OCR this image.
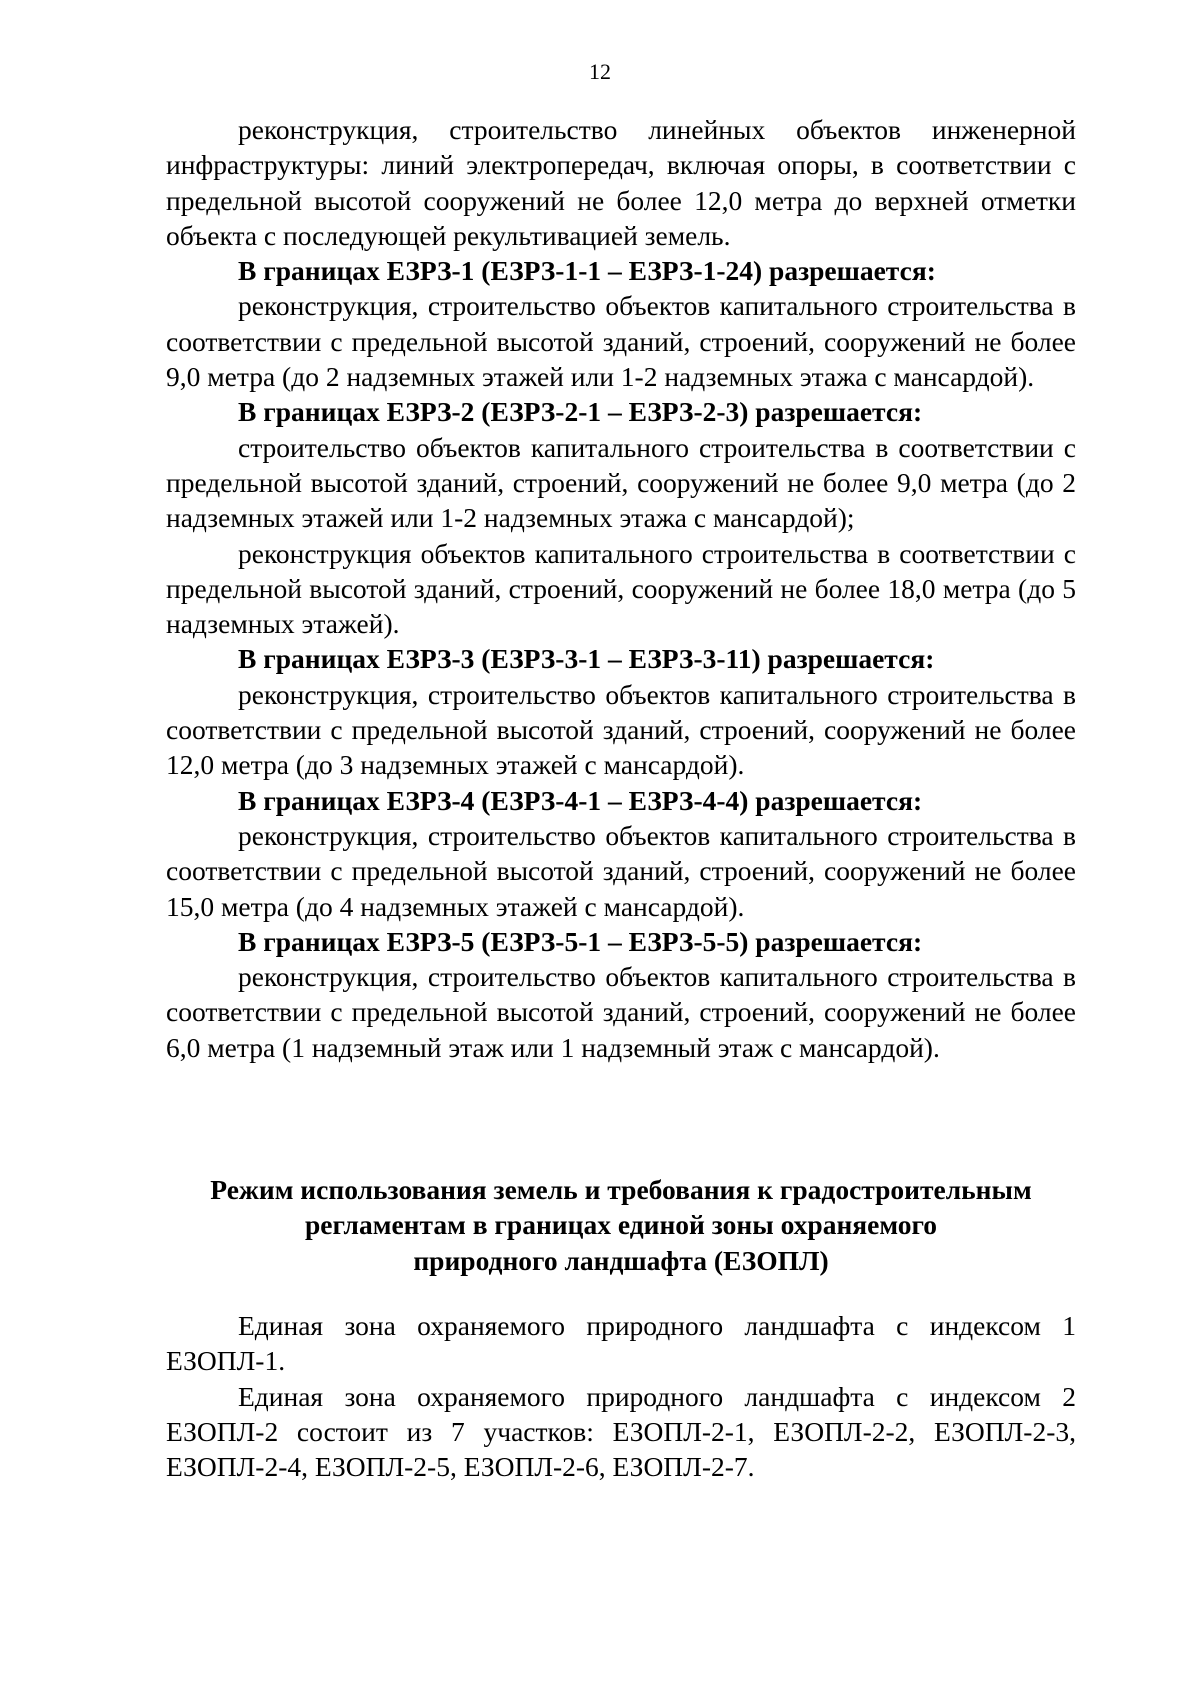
12

реконструкция, строительство линейных объектов инженерной инфраструктуры: линий электропередач, включая опоры, в соответствии с предельной высотой сооружений не более 12,0 метра до верхней отметки объекта с последующей рекультивацией земель.

В границах ЕЗРЗ-1 (ЕЗРЗ-1-1 – ЕЗРЗ-1-24) разрешается:

реконструкция, строительство объектов капитального строительства в соответствии с предельной высотой зданий, строений, сооружений не более 9,0 метра (до 2 надземных этажей или 1-2 надземных этажа с мансардой).

В границах ЕЗРЗ-2 (ЕЗРЗ-2-1 – ЕЗРЗ-2-3) разрешается:

строительство объектов капитального строительства в соответствии с предельной высотой зданий, строений, сооружений не более 9,0 метра (до 2 надземных этажей или 1-2 надземных этажа с мансардой);

реконструкция объектов капитального строительства в соответствии с предельной высотой зданий, строений, сооружений не более 18,0 метра (до 5 надземных этажей).

В границах ЕЗРЗ-3 (ЕЗРЗ-3-1 – ЕЗРЗ-3-11) разрешается:

реконструкция, строительство объектов капитального строительства в соответствии с предельной высотой зданий, строений, сооружений не более 12,0 метра (до 3 надземных этажей с мансардой).

В границах ЕЗРЗ-4 (ЕЗРЗ-4-1 – ЕЗРЗ-4-4) разрешается:

реконструкция, строительство объектов капитального строительства в соответствии с предельной высотой зданий, строений, сооружений не более 15,0 метра (до 4 надземных этажей с мансардой).

В границах ЕЗРЗ-5 (ЕЗРЗ-5-1 – ЕЗРЗ-5-5) разрешается:

реконструкция, строительство объектов капитального строительства в соответствии с предельной высотой зданий, строений, сооружений не более 6,0 метра (1 надземный этаж или 1 надземный этаж с мансардой).

Режим использования земель и требования к градостроительным
регламентам в границах единой зоны охраняемого
природного ландшафта (ЕЗОПЛ)

Единая зона охраняемого природного ландшафта с индексом 1 ЕЗОПЛ-1.

Единая зона охраняемого природного ландшафта с индексом 2 ЕЗОПЛ-2 состоит из 7 участков: ЕЗОПЛ-2-1, ЕЗОПЛ-2-2, ЕЗОПЛ-2-3, ЕЗОПЛ-2-4, ЕЗОПЛ-2-5, ЕЗОПЛ-2-6, ЕЗОПЛ-2-7.
